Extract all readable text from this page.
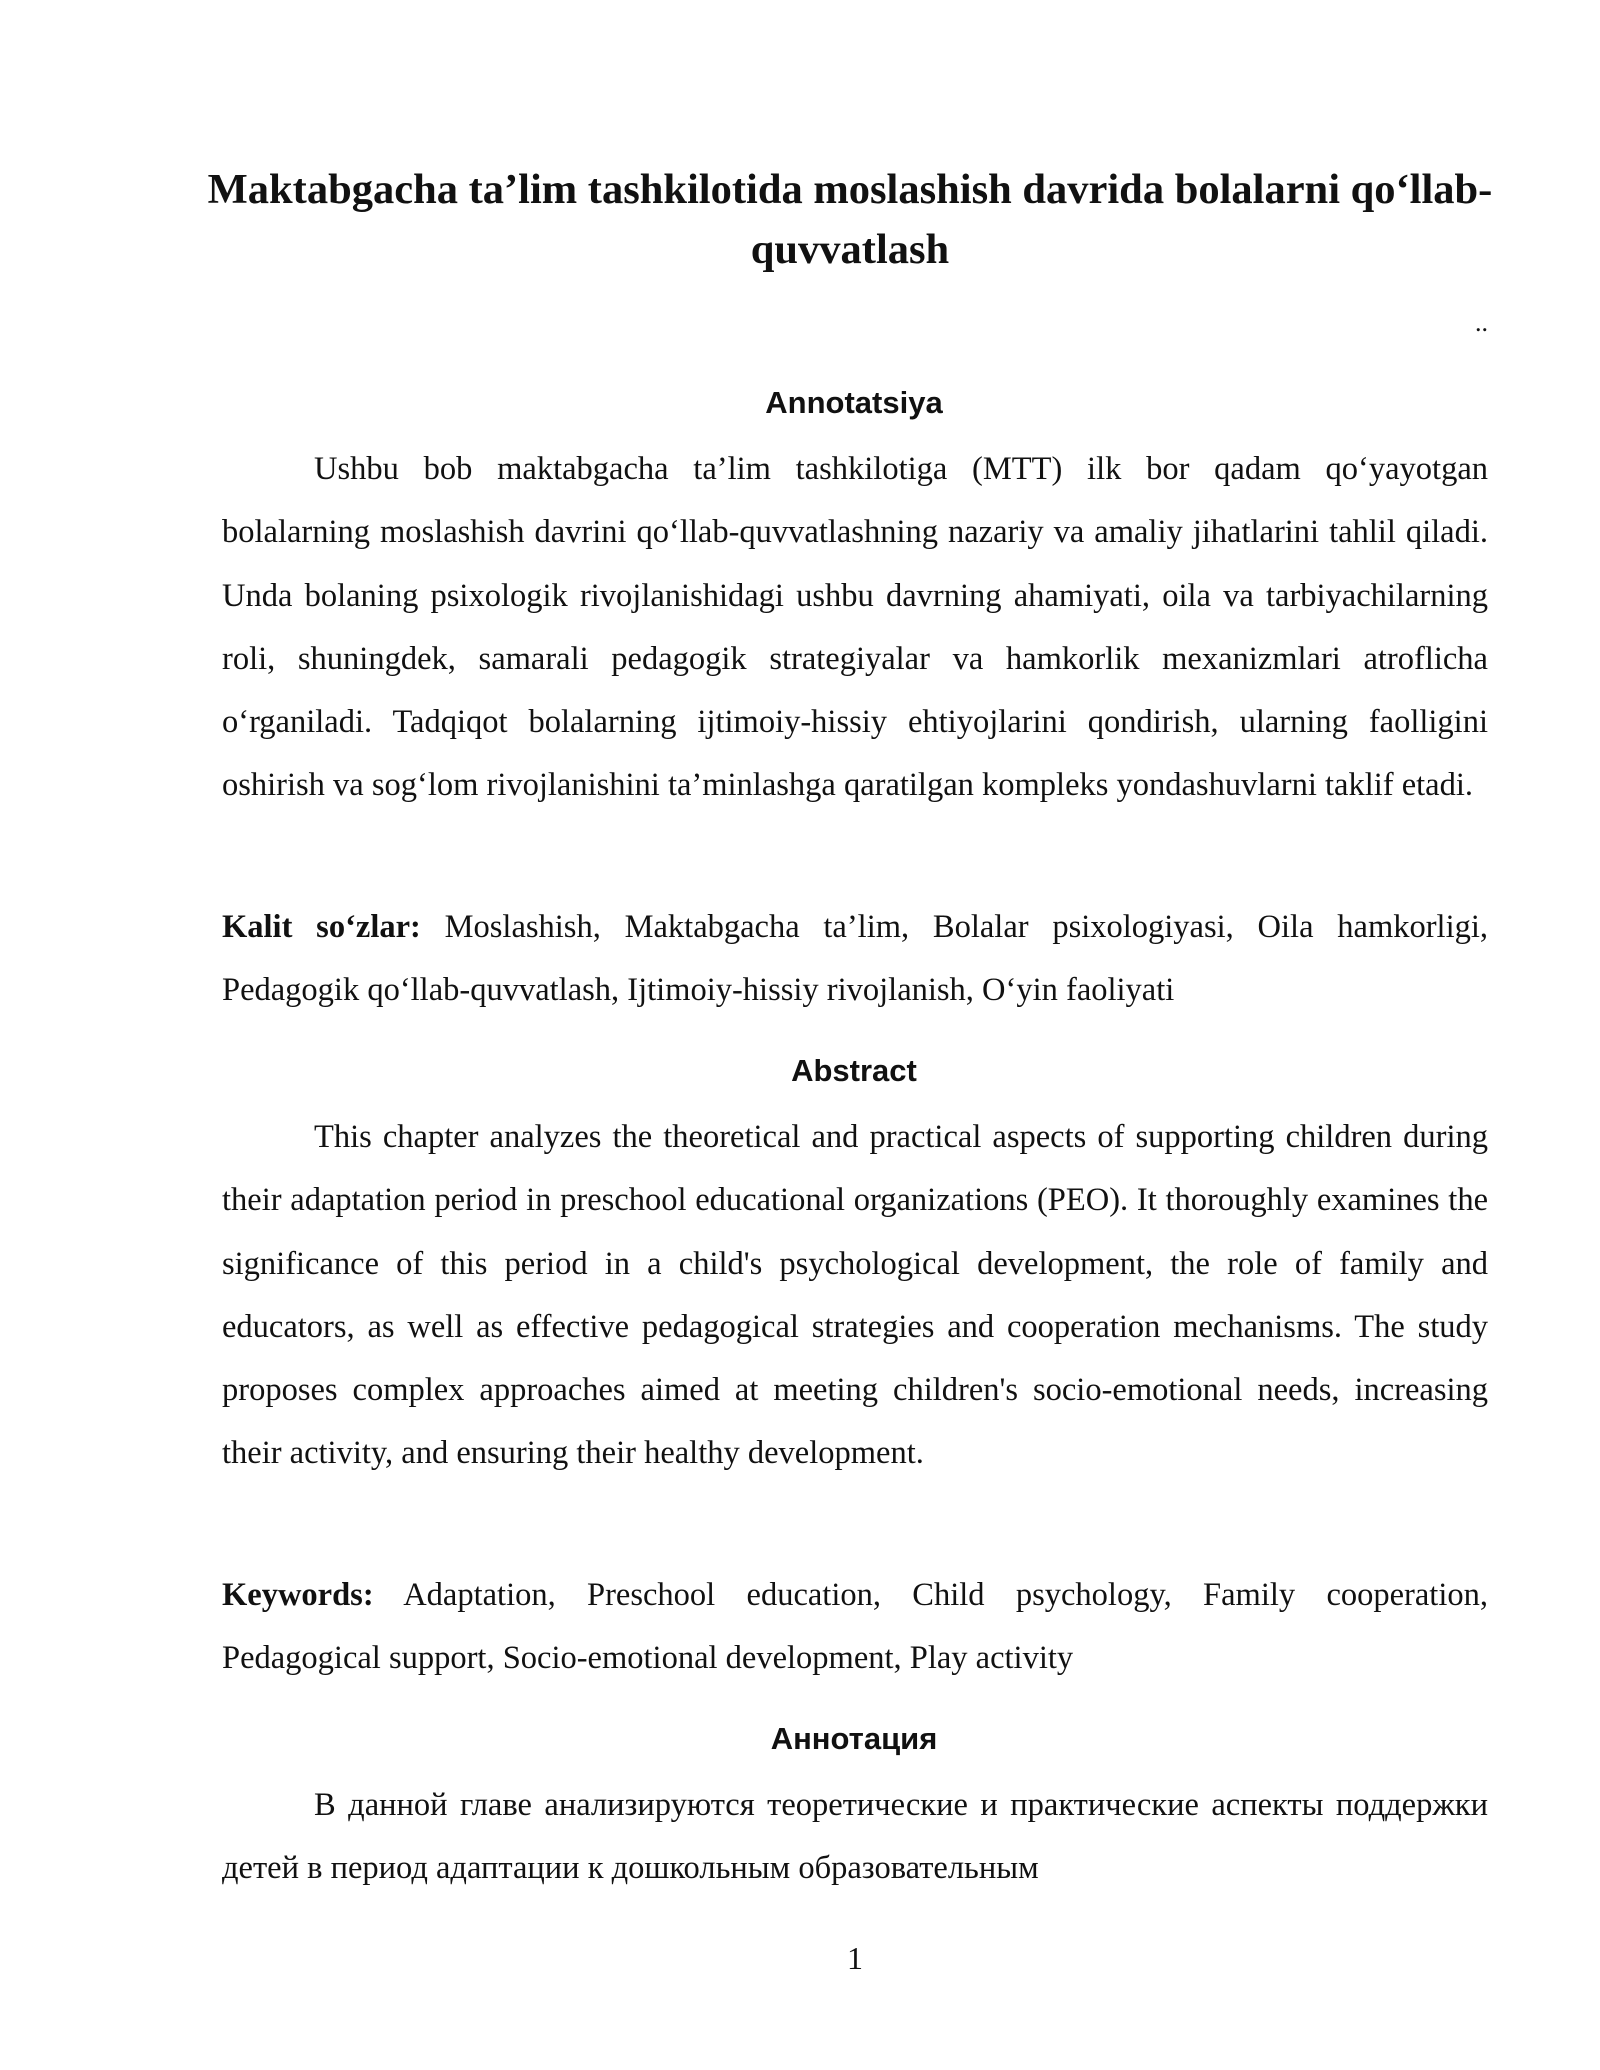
Maktabgacha ta’lim tashkilotida moslashish davrida bolalarni qo‘llab-quvvatlash

..

Annotatsiya

Ushbu bob maktabgacha ta’lim tashkilotiga (MTT) ilk bor qadam qo‘yayotgan bolalarning moslashish davrini qo‘llab-quvvatlashning nazariy va amaliy jihatlarini tahlil qiladi. Unda bolaning psixologik rivojlanishidagi ushbu davrning ahamiyati, oila va tarbiyachilarning roli, shuningdek, samarali pedagogik strategiyalar va hamkorlik mexanizmlari atroflicha o‘rganiladi. Tadqiqot bolalarning ijtimoiy-hissiy ehtiyojlarini qondirish, ularning faolligini oshirish va sog‘lom rivojlanishini ta’minlashga qaratilgan kompleks yondashuvlarni taklif etadi.

Kalit so‘zlar: Moslashish, Maktabgacha ta’lim, Bolalar psixologiyasi, Oila hamkorligi, Pedagogik qo‘llab-quvvatlash, Ijtimoiy-hissiy rivojlanish, O‘yin faoliyati

Abstract

This chapter analyzes the theoretical and practical aspects of supporting children during their adaptation period in preschool educational organizations (PEO). It thoroughly examines the significance of this period in a child's psychological development, the role of family and educators, as well as effective pedagogical strategies and cooperation mechanisms. The study proposes complex approaches aimed at meeting children's socio-emotional needs, increasing their activity, and ensuring their healthy development.

Keywords: Adaptation, Preschool education, Child psychology, Family cooperation, Pedagogical support, Socio-emotional development, Play activity

Аннотация

В данной главе анализируются теоретические и практические аспекты поддержки детей в период адаптации к дошкольным образовательным

1
